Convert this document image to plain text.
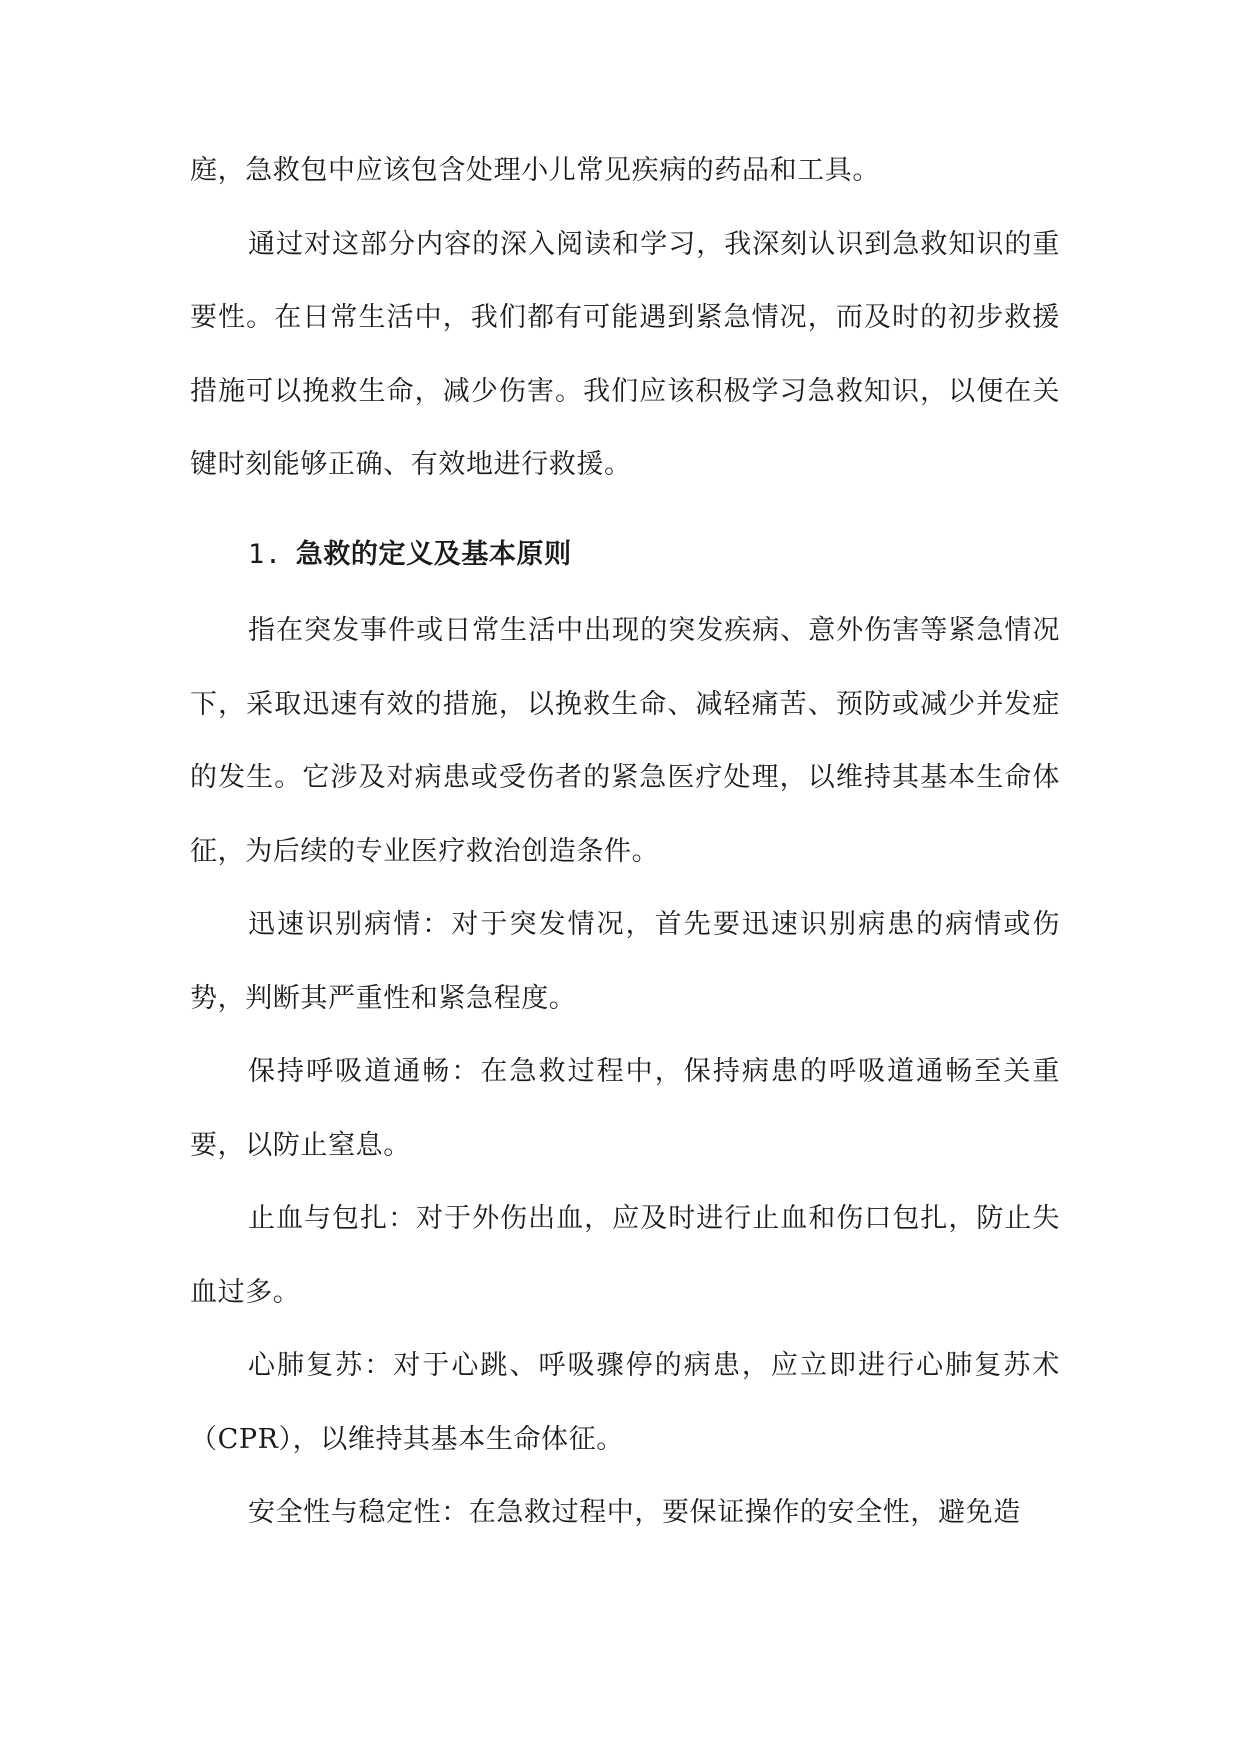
庭，急救包中应该包含处理小儿常见疾病的药品和工具。

通过对这部分内容的深入阅读和学习，我深刻认识到急救知识的重要性。在日常生活中，我们都有可能遇到紧急情况，而及时的初步救援措施可以挽救生命，减少伤害。我们应该积极学习急救知识，以便在关键时刻能够正确、有效地进行救援。

1. 急救的定义及基本原则

指在突发事件或日常生活中出现的突发疾病、意外伤害等紧急情况下，采取迅速有效的措施，以挽救生命、减轻痛苦、预防或减少并发症的发生。它涉及对病患或受伤者的紧急医疗处理，以维持其基本生命体征，为后续的专业医疗救治创造条件。

迅速识别病情：对于突发情况，首先要迅速识别病患的病情或伤势，判断其严重性和紧急程度。

保持呼吸道通畅：在急救过程中，保持病患的呼吸道通畅至关重要，以防止窒息。

止血与包扎：对于外伤出血，应及时进行止血和伤口包扎，防止失血过多。

心肺复苏：对于心跳、呼吸骤停的病患，应立即进行心肺复苏术（CPR），以维持其基本生命体征。

安全性与稳定性：在急救过程中，要保证操作的安全性，避免造
